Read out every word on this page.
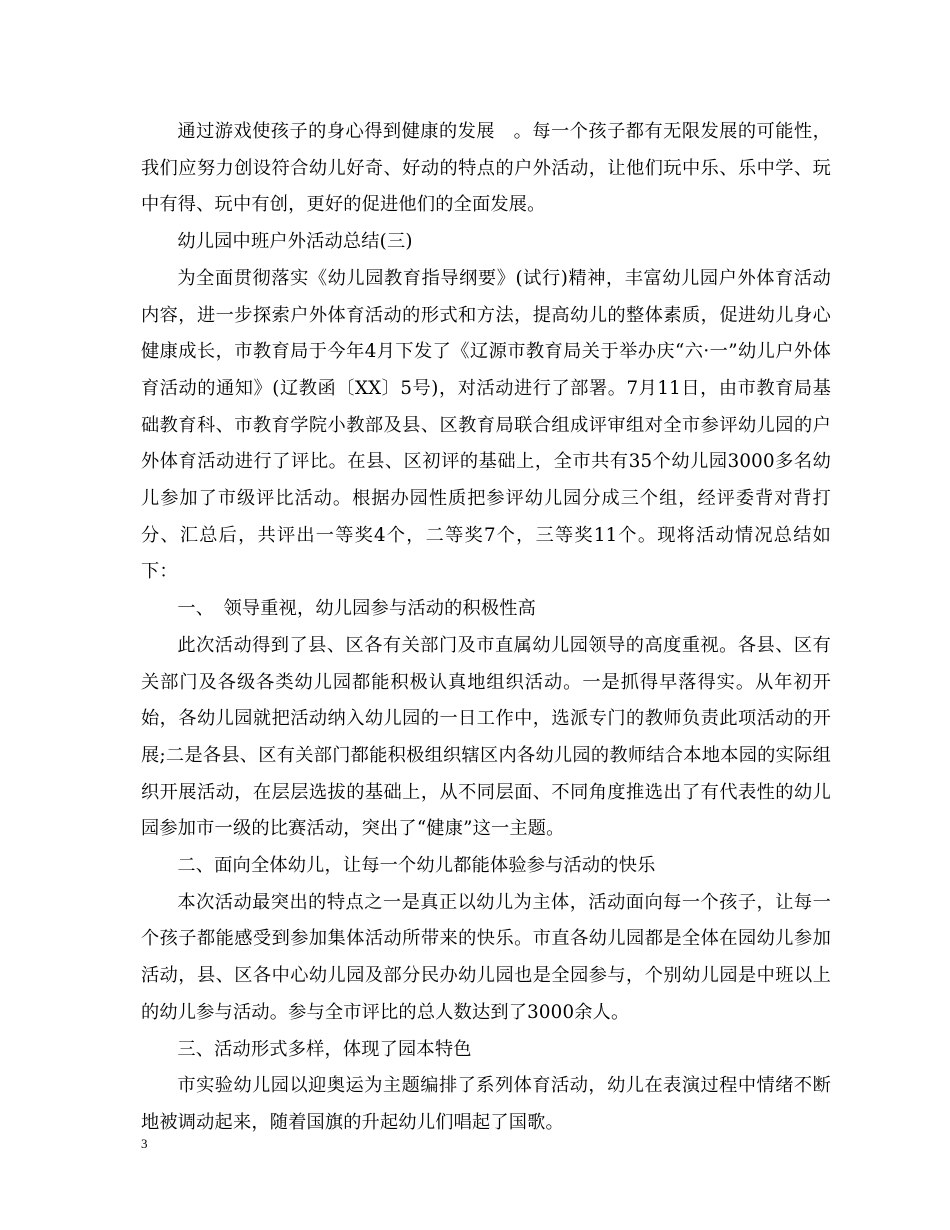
通过游戏使孩子的身心得到健康的发展　。每一个孩子都有无限发展的可能性，我们应努力创设符合幼儿好奇、好动的特点的户外活动，让他们玩中乐、乐中学、玩中有得、玩中有创，更好的促进他们的全面发展。

幼儿园中班户外活动总结(三)

为全面贯彻落实《幼儿园教育指导纲要》(试行)精神，丰富幼儿园户外体育活动内容，进一步探索户外体育活动的形式和方法，提高幼儿的整体素质，促进幼儿身心健康成长，市教育局于今年4月下发了《辽源市教育局关于举办庆“六·一”幼儿户外体育活动的通知》(辽教函〔XX〕5号)，对活动进行了部署。7月11日，由市教育局基础教育科、市教育学院小教部及县、区教育局联合组成评审组对全市参评幼儿园的户外体育活动进行了评比。在县、区初评的基础上，全市共有35个幼儿园3000多名幼儿参加了市级评比活动。根据办园性质把参评幼儿园分成三个组，经评委背对背打分、汇总后，共评出一等奖4个，二等奖7个，三等奖11个。现将活动情况总结如下：

一、　领导重视，幼儿园参与活动的积极性高

此次活动得到了县、区各有关部门及市直属幼儿园领导的高度重视。各县、区有关部门及各级各类幼儿园都能积极认真地组织活动。一是抓得早落得实。从年初开始，各幼儿园就把活动纳入幼儿园的一日工作中，选派专门的教师负责此项活动的开展;二是各县、区有关部门都能积极组织辖区内各幼儿园的教师结合本地本园的实际组织开展活动，在层层选拔的基础上，从不同层面、不同角度推选出了有代表性的幼儿园参加市一级的比赛活动，突出了“健康”这一主题。

二、面向全体幼儿，让每一个幼儿都能体验参与活动的快乐

本次活动最突出的特点之一是真正以幼儿为主体，活动面向每一个孩子，让每一个孩子都能感受到参加集体活动所带来的快乐。市直各幼儿园都是全体在园幼儿参加活动，县、区各中心幼儿园及部分民办幼儿园也是全园参与，个别幼儿园是中班以上的幼儿参与活动。参与全市评比的总人数达到了3000余人。

三、活动形式多样，体现了园本特色

市实验幼儿园以迎奥运为主题编排了系列体育活动，幼儿在表演过程中情绪不断地被调动起来，随着国旗的升起幼儿们唱起了国歌。

3
